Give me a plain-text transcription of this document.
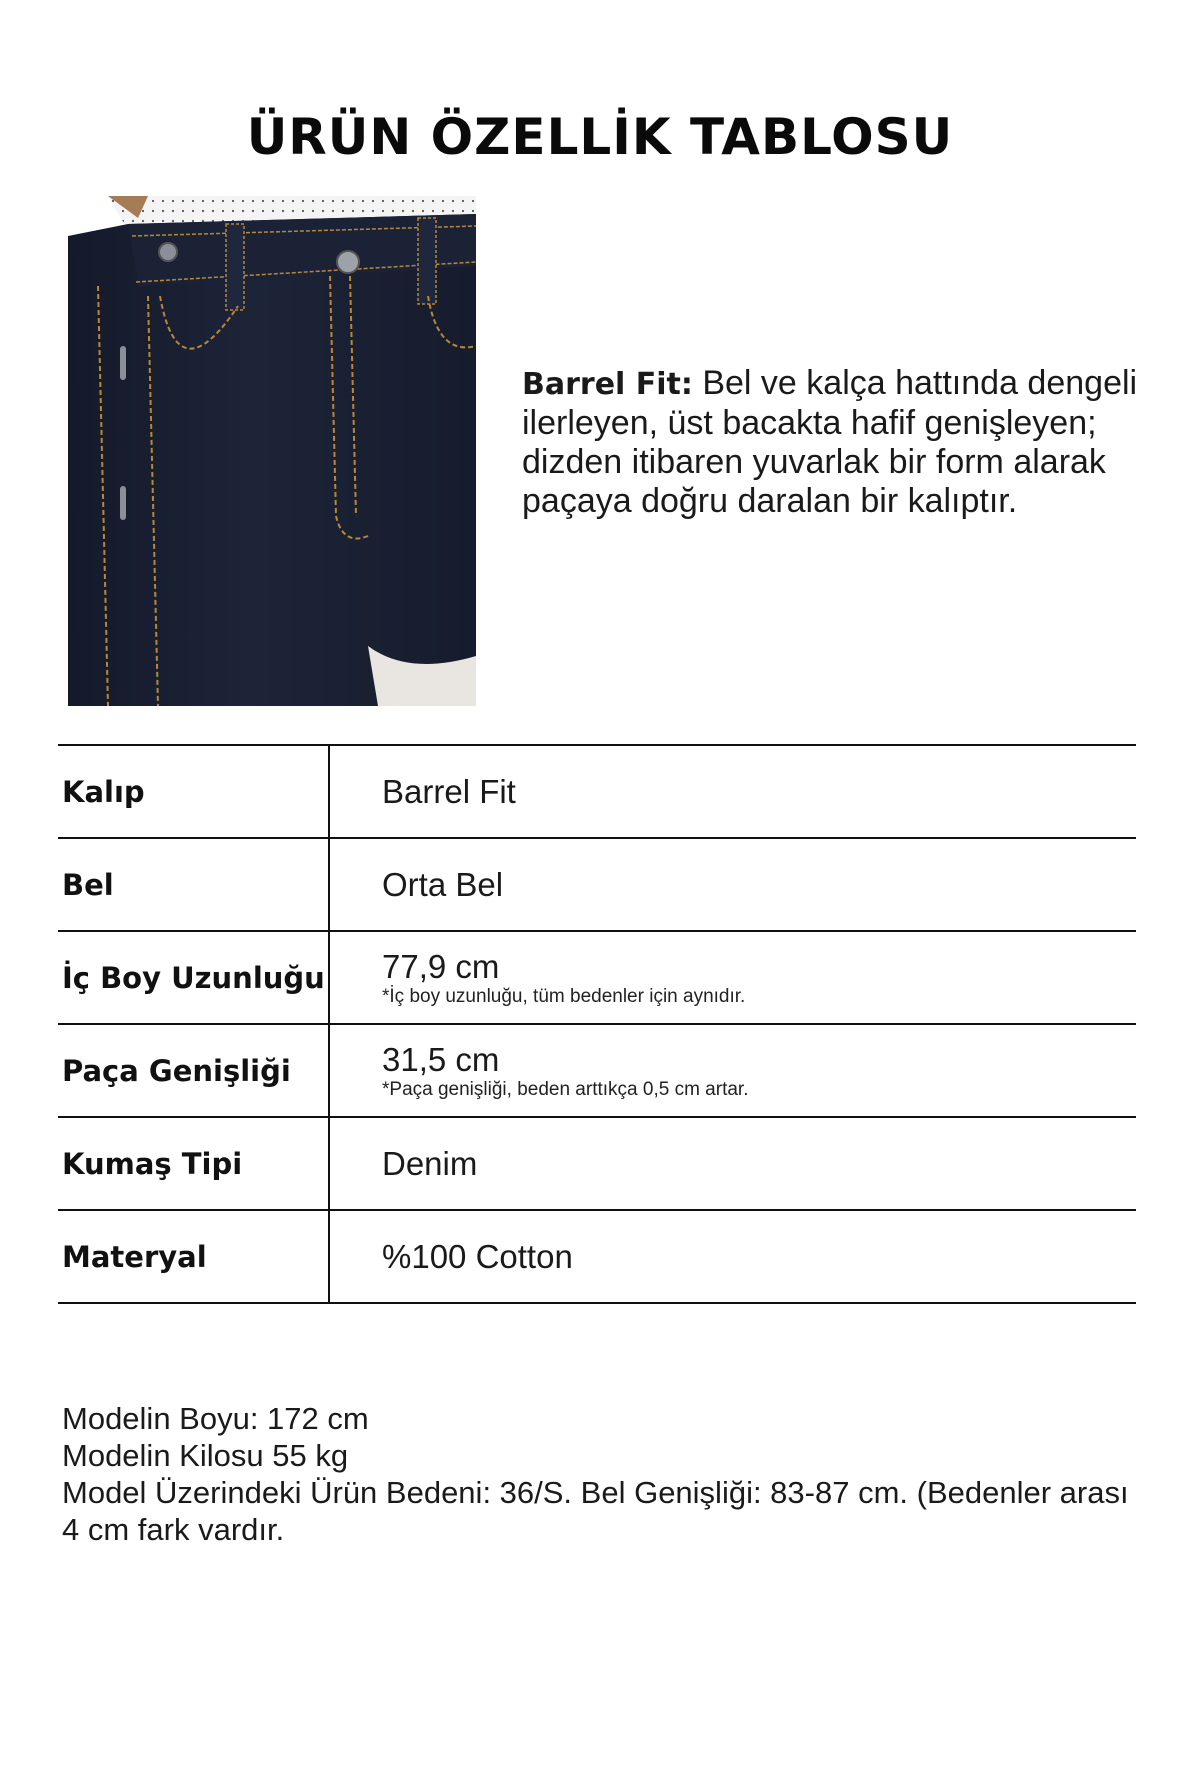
ÜRÜN ÖZELLİK TABLOSU
Barrel Fit: Bel ve kalça hattında dengeli ilerleyen, üst bacakta hafif genişleyen; dizden itibaren yuvarlak bir form alarak paçaya doğru daralan bir kalıptır.
Kalıp	Barrel Fit
Bel	Orta Bel
İç Boy Uzunluğu 77,9 cm
*İç boy uzunluğu, tüm bedenler için aynıdır.
Paça Genişliği	31,5 cm
*Paça genişliği, beden arttıkça 0,5 cm artar.
Kumaş Tipi	Denim
Materyal	%100 Cotton
Modelin Boyu: 172 cm
Modelin Kilosu 55 kg
Model Üzerindeki Ürün Bedeni: 36/S. Bel Genişliği: 83-87 cm. (Bedenler arası 4 cm fark vardır.
